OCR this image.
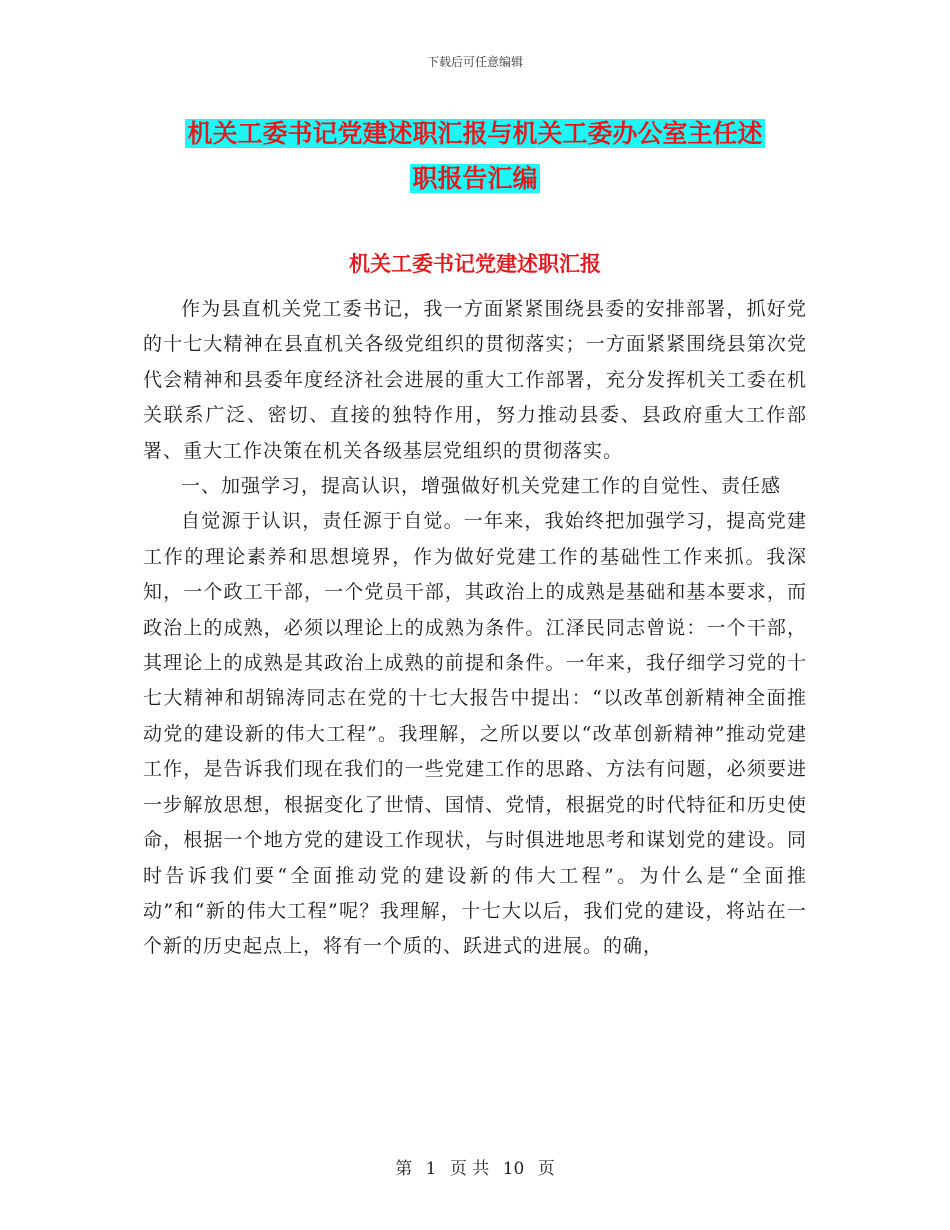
下载后可任意编辑
机关工委书记党建述职汇报与机关工委办公室主任述
职报告汇编
机关工委书记党建述职汇报

作为县直机关党工委书记，我一方面紧紧围绕县委的安排部署，抓好党的十七大精神在县直机关各级党组织的贯彻落实；一方面紧紧围绕县第次党代会精神和县委年度经济社会进展的重大工作部署，充分发挥机关工委在机关联系广泛、密切、直接的独特作用，努力推动县委、县政府重大工作部署、重大工作决策在机关各级基层党组织的贯彻落实。

一、加强学习，提高认识，增强做好机关党建工作的自觉性、责任感

自觉源于认识，责任源于自觉。一年来，我始终把加强学习，提高党建工作的理论素养和思想境界，作为做好党建工作的基础性工作来抓。我深知，一个政工干部，一个党员干部，其政治上的成熟是基础和基本要求，而政治上的成熟，必须以理论上的成熟为条件。江泽民同志曾说：一个干部，其理论上的成熟是其政治上成熟的前提和条件。一年来，我仔细学习党的十七大精神和胡锦涛同志在党的十七大报告中提出：“以改革创新精神全面推动党的建设新的伟大工程”。我理解，之所以要以“改革创新精神”推动党建工作，是告诉我们现在我们的一些党建工作的思路、方法有问题，必须要进一步解放思想，根据变化了世情、国情、党情，根据党的时代特征和历史使命，根据一个地方党的建设工作现状，与时俱进地思考和谋划党的建设。同时告诉我们要“全面推动党的建设新的伟大工程”。为什么是“全面推动”和“新的伟大工程”呢？我理解，十七大以后，我们党的建设，将站在一个新的历史起点上，将有一个质的、跃进式的进展。的确，

第 1 页 共 10 页
